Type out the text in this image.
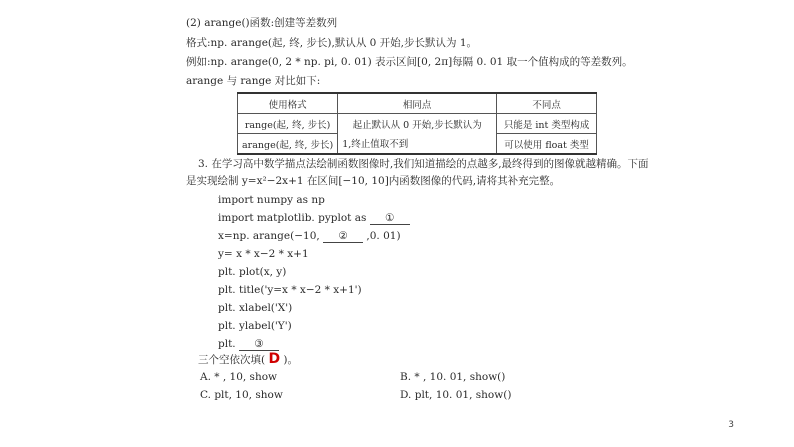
(2) arange()函数:创建等差数列
格式:np. arange(起, 终, 步长),默认从 0 开始,步长默认为 1。
例如:np. arange(0, 2 * np. pi, 0. 01) 表示区间[0, 2π]每隔 0. 01 取一个值构成的等差数列。
arange 与 range 对比如下:
使用格式	相同点	不同点
range(起, 终, 步长)	起止默认从 0 开始,步长默认为	只能是 int 类型构成
arange(起, 终, 步长)	1,终止值取不到	可以使用 float 类型
3. 在学习高中数学描点法绘制函数图像时,我们知道描绘的点越多,最终得到的图像就越精确。下面
是实现绘制 y=x²−2x+1 在区间[−10, 10]内函数图像的代码,请将其补充完整。
import numpy as np
import matplotlib. pyplot as ①
x=np. arange(−10, ② ,0. 01)
y= x * x−2 * x+1
plt. plot(x, y)
plt. title('y=x * x−2 * x+1')
plt. xlabel('X')
plt. ylabel('Y')
plt. ③
三个空依次填( D )。
A. * , 10, show	B. * , 10. 01, show()
C. plt, 10, show	D. plt, 10. 01, show()
3
